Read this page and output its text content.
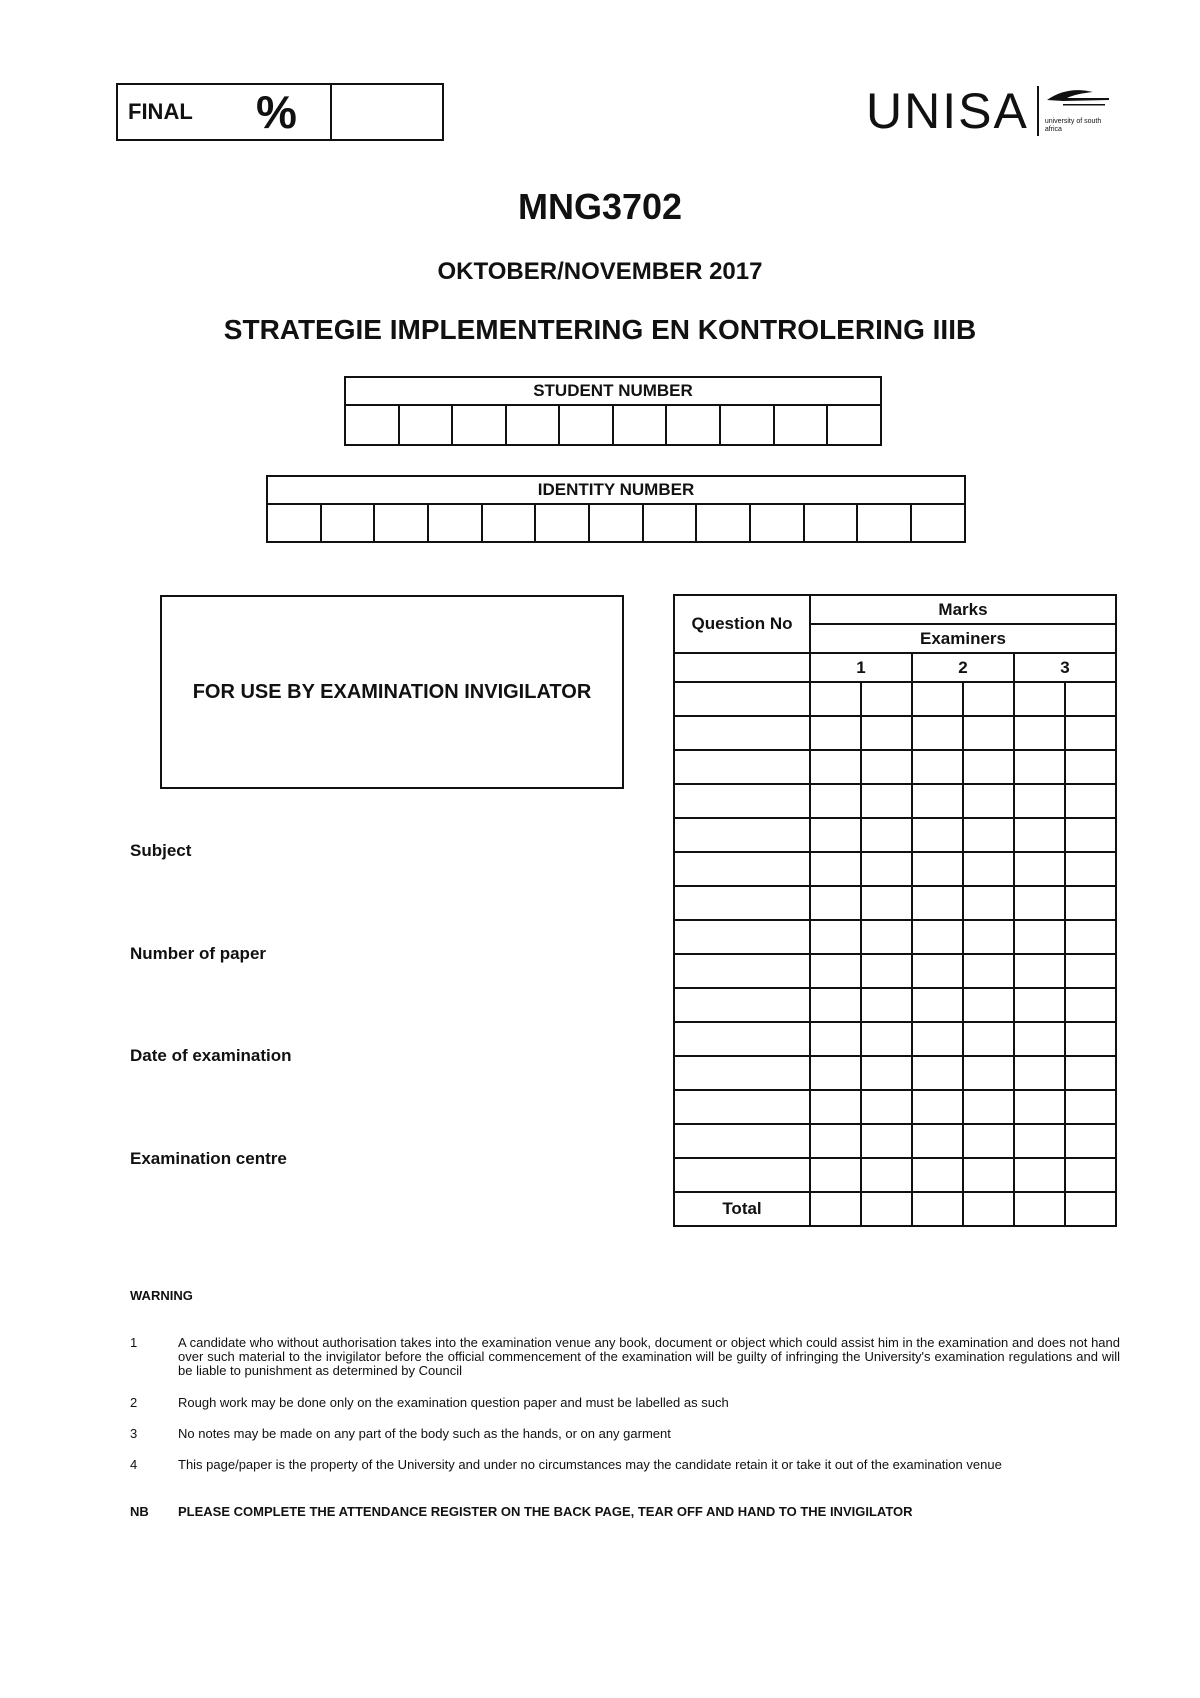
FINAL %	UNISA university of south africa
MNG3702
OKTOBER/NOVEMBER 2017
STRATEGIE IMPLEMENTERING EN KONTROLERING IIIB
STUDENT NUMBER

IDENTITY NUMBER

FOR USE BY EXAMINATION INVIGILATOR
Subject
Number of paper
Date of examination
Examination centre
Question No	Marks					
	Examiners					
	1		2		3	

Total						
WARNING
1	A candidate who without authorisation takes into the examination venue any book, document or object which could assist him in the examination and does not hand over such material to the invigilator before the official commencement of the examination will be guilty of infringing the University's examination regulations and will be liable to punishment as determined by Council
2	Rough work may be done only on the examination question paper and must be labelled as such
3	No notes may be made on any part of the body such as the hands, or on any garment
4	This page/paper is the property of the University and under no circumstances may the candidate retain it or take it out of the examination venue
NB	PLEASE COMPLETE THE ATTENDANCE REGISTER ON THE BACK PAGE, TEAR OFF AND HAND TO THE INVIGILATOR
